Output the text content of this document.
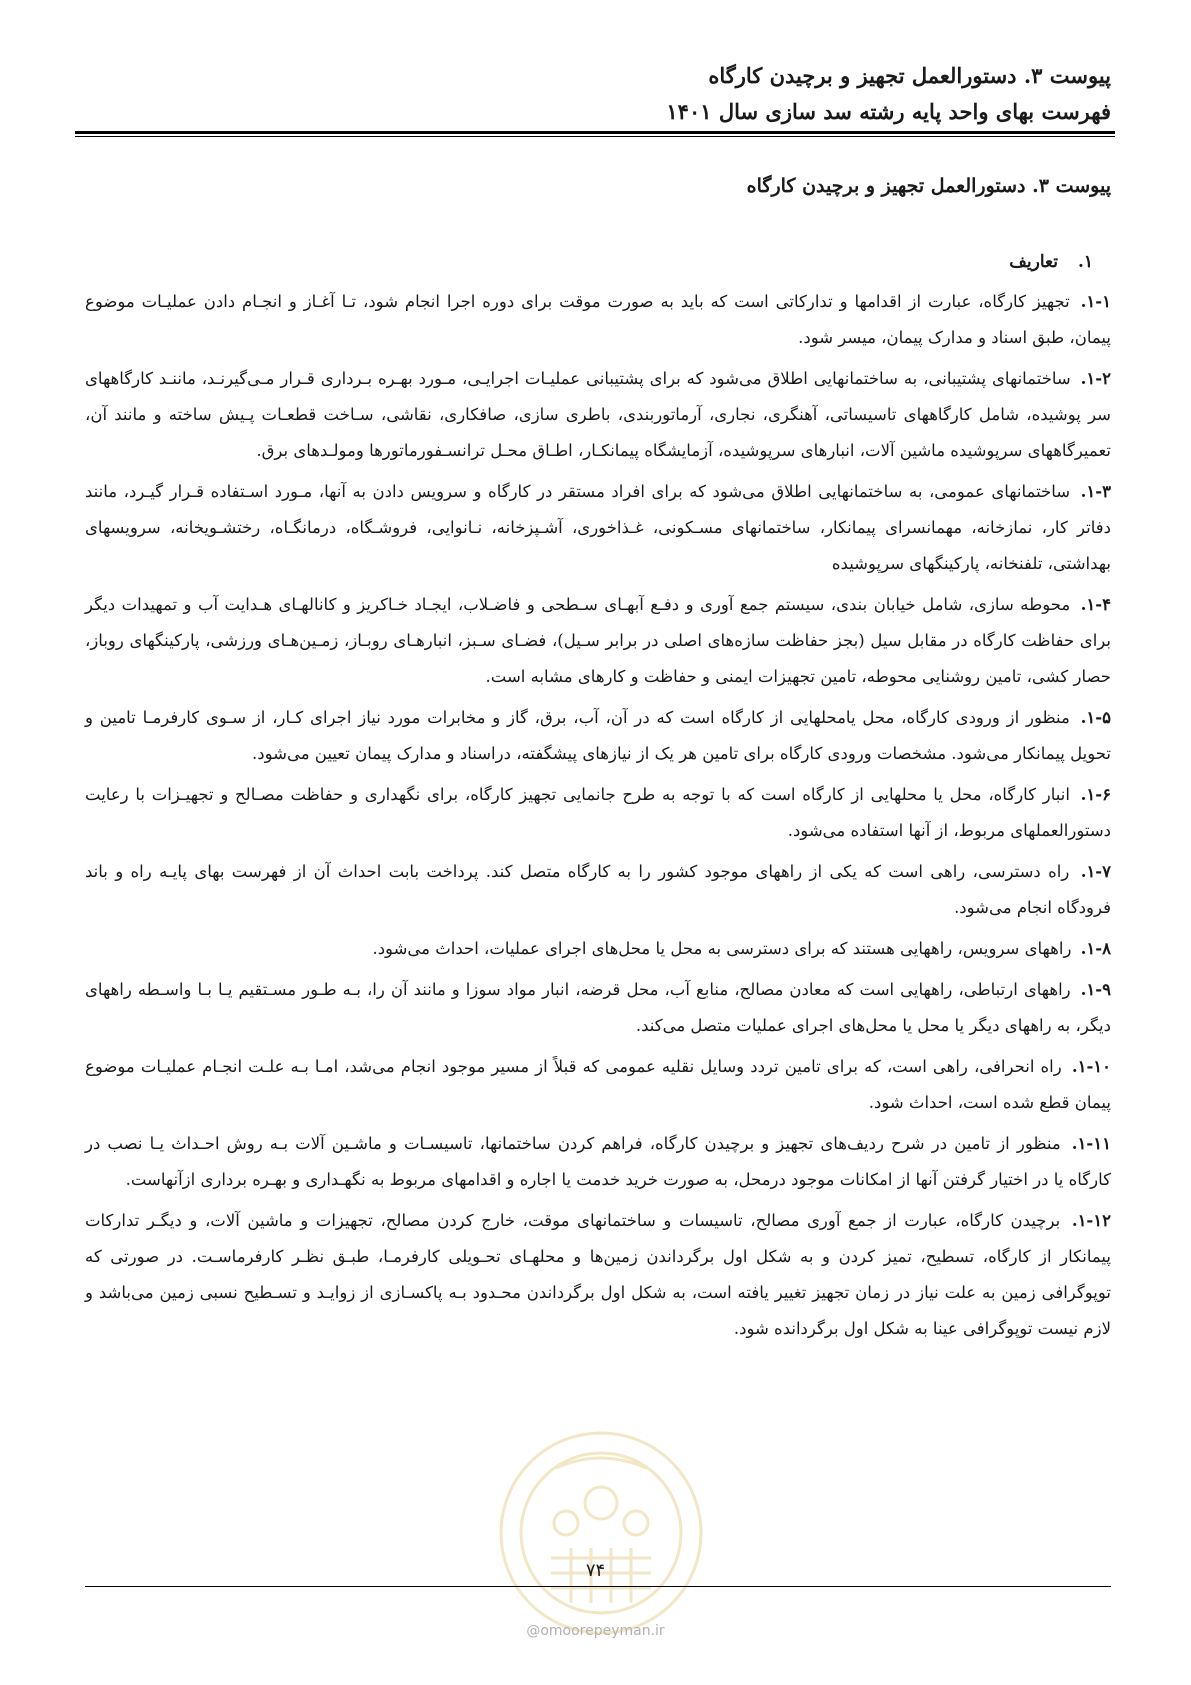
پیوست ۳. دستورالعمل تجهیز و برچیدن کارگاه

فهرست بهای واحد پایه رشته سد سازی سال ۱۴۰۱

پیوست ۳. دستورالعمل تجهیز و برچیدن کارگاه

۱.تعاریف

۱-۱. تجهیز کارگاه، عبارت از اقدامها و تدارکاتی است که باید به صورت موقت برای دوره اجرا انجام شود، تـا آغـاز و انجـام دادن عملیـات موضوع پیمان، طبق اسناد و مدارک پیمان، میسر شود.

۱-۲. ساختمانهای پشتیبانی، به ساختمانهایی اطلاق می‌شود که برای پشتیبانی عملیـات اجرایـی، مـورد بهـره بـرداری قـرار مـی‌گیرنـد، ماننـد کارگاههای سر پوشیده، شامل کارگاههای تاسیساتی، آهنگری، نجاری، آرماتوربندی، باطری سازی، صافکاری، نقاشی، سـاخت قطعـات پـیش ساخته و مانند آن، تعمیرگاههای سرپوشیده ماشین آلات، انبارهای سرپوشیده، آزمایشگاه پیمانکـار، اطـاق محـل ترانسـفورماتورها ومولـدهای برق.

۱-۳. ساختمانهای عمومی، به ساختمانهایی اطلاق می‌شود که برای افراد مستقر در کارگاه و سرویس دادن به آنها، مـورد اسـتفاده قـرار گیـرد، مانند دفاتر کار، نمازخانه، مهمانسرای پیمانکار، ساختمانهای مسـکونی، غـذاخوری، آشـپزخانه، نـانوایی، فروشـگاه، درمانگـاه، رختشـویخانه، سرویسهای بهداشتی، تلفنخانه، پارکینگهای سرپوشیده

۱-۴. محوطه سازی، شامل خیابان بندی، سیستم جمع آوری و دفـع آبهـای سـطحی و فاضـلاب، ایجـاد خـاکریز و کانالهـای هـدایت آب و تمهیدات دیگر برای حفاظت کارگاه در مقابل سیل (بجز حفاظت سازه‌های اصلی در برابر سـیل)، فضـای سـبز، انبارهـای روبـاز، زمـین‌هـای ورزشی، پارکینگهای روباز، حصار کشی، تامین روشنایی محوطه، تامین تجهیزات ایمنی و حفاظت و کارهای مشابه است.

۱-۵. منظور از ورودی کارگاه، محل یامحلهایی از کارگاه است که در آن، آب، برق، گاز و مخابرات مورد نیاز اجرای کـار، از سـوی کارفرمـا تامین و تحویل پیمانکار می‌شود. مشخصات ورودی کارگاه برای تامین هر یک از نیازهای پیشگفته، دراسناد و مدارک پیمان تعیین می‌شود.

۱-۶. انبار کارگاه، محل یا محلهایی از کارگاه است که با توجه به طرح جانمایی تجهیز کارگاه، برای نگهداری و حفاظت مصـالح و تجهیـزات با رعایت دستورالعملهای مربوط، از آنها استفاده می‌شود.

۱-۷. راه دسترسی، راهی است که یکی از راههای موجود کشور را به کارگاه متصل کند. پرداخت بابت احداث آن از فهرست بهای پایـه راه و باند فرودگاه انجام می‌شود.

۱-۸. راههای سرویس، راههایی هستند که برای دسترسی به محل یا محل‌های اجرای عملیات، احداث می‌شود.

۱-۹. راههای ارتباطی، راههایی است که معادن مصالح، منابع آب، محل قرضه، انبار مواد سوزا و مانند آن را، بـه طـور مسـتقیم یـا بـا واسـطه راههای دیگر، به راههای دیگر یا محل یا محل‌های اجرای عملیات متصل می‌کند.

۱-۱۰. راه انحرافی، راهی است، که برای تامین تردد وسایل نقلیه عمومی که قبلاً از مسیر موجود انجام می‌شد، امـا بـه علـت انجـام عملیـات موضوع پیمان قطع شده است، احداث شود.

۱-۱۱. منظور از تامین در شرح ردیف‌های تجهیز و برچیدن کارگاه، فراهم کردن ساختمانها، تاسیسـات و ماشـین آلات بـه روش احـداث یـا نصب در کارگاه یا در اختیار گرفتن آنها از امکانات موجود درمحل، به صورت خرید خدمت یا اجاره و اقدامهای مربوط به نگهـداری و بهـره برداری ازآنهاست.

۱-۱۲. برچیدن کارگاه، عبارت از جمع آوری مصالح، تاسیسات و ساختمانهای موقت، خارج کردن مصالح، تجهیزات و ماشین آلات، و دیگـر تدارکات پیمانکار از کارگاه، تسطیح، تمیز کردن و به شکل اول برگرداندن زمین‌ها و محلهـای تحـویلی کارفرمـا، طبـق نظـر کارفرماسـت. در صورتی که توپوگرافی زمین به علت نیاز در زمان تجهیز تغییر یافته است، به شکل اول برگرداندن محـدود بـه پاکسـازی از زوایـد و تسـطیح نسبی زمین می‌باشد و لازم نیست توپوگرافی عینا به شکل اول برگردانده شود.

۷۴
@omoorepeyman.ir
